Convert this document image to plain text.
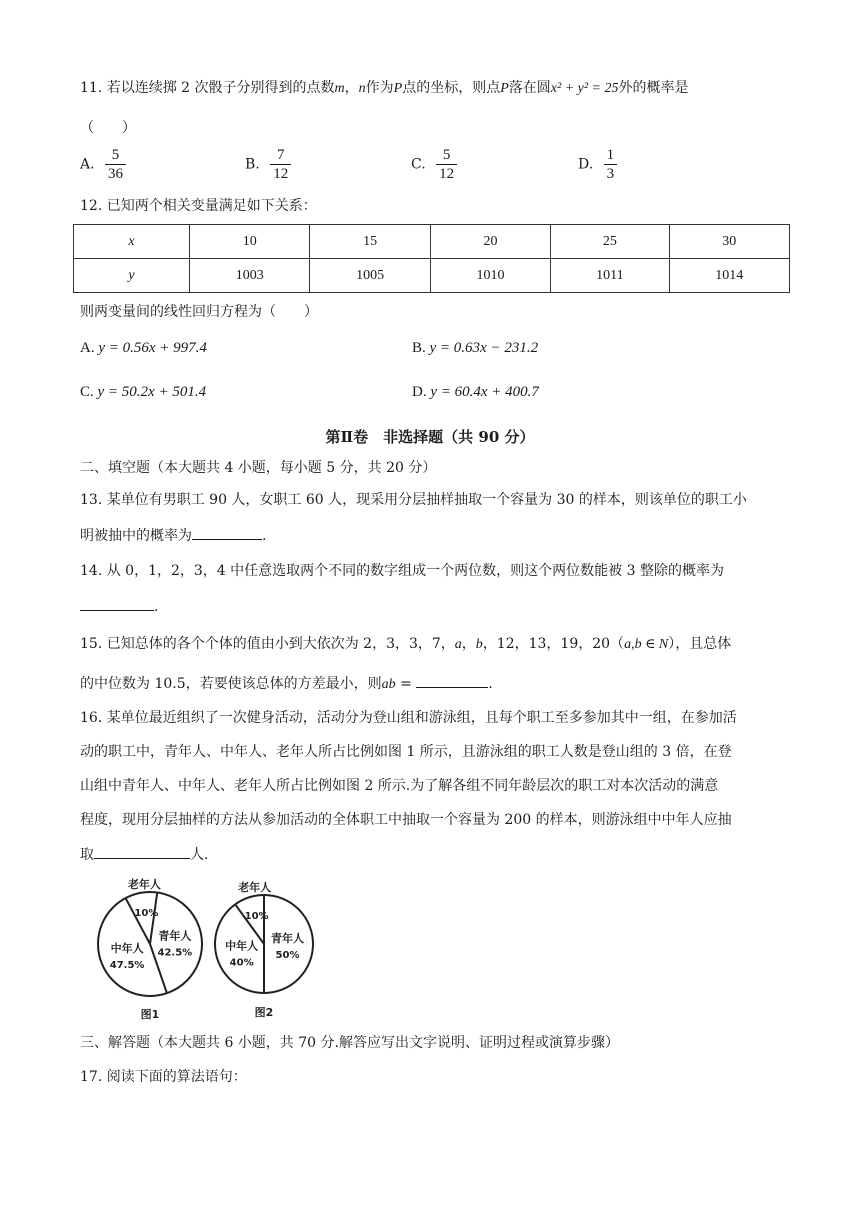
11. 若以连续掷 2 次骰子分别得到的点数m，n作为P点的坐标，则点P落在圆x² + y² = 25外的概率是
（　　）
A. $\frac{5}{36}$	B. $\frac{7}{12}$	C. $\frac{5}{12}$	D. $\frac{1}{3}$
12. 已知两个相关变量满足如下关系：
x	10	15	20	25	30
y	1003	1005	1010	1011	1014
则两变量间的线性回归方程为（　　）
A. y = 0.56x + 997.4	B. y = 0.63x − 231.2
C. y = 50.2x + 501.4	D. y = 60.4x + 400.7
第Ⅱ卷　非选择题（共 90 分）
二、填空题（本大题共 4 小题，每小题 5 分，共 20 分）
13. 某单位有男职工 90 人，女职工 60 人，现采用分层抽样抽取一个容量为 30 的样本，则该单位的职工小
明被抽中的概率为	.
14. 从 0，1，2，3，4 中任意选取两个不同的数字组成一个两位数，则这个两位数能被 3 整除的概率为
.
15. 已知总体的各个个体的值由小到大依次为 2，3，3，7，a，b，12，13，19，20（a,b ∈ N），且总体
的中位数为 10.5，若要使该总体的方差最小，则ab =	.
16. 某单位最近组织了一次健身活动，活动分为登山组和游泳组，且每个职工至多参加其中一组，在参加活
动的职工中，青年人、中年人、老年人所占比例如图 1 所示，且游泳组的职工人数是登山组的 3 倍，在登
山组中青年人、中年人、老年人所占比例如图 2 所示.为了解各组不同年龄层次的职工对本次活动的满意
程度，现用分层抽样的方法从参加活动的全体职工中抽取一个容量为 200 的样本，则游泳组中中年人应抽
取	人.
老年人
10%
青年人
42.5%
中年人
47.5%
图1
老年人
10%
青年人
50%
中年人
40%
图2
三、解答题（本大题共 6 小题，共 70 分.解答应写出文字说明、证明过程或演算步骤）
17. 阅读下面的算法语句：
